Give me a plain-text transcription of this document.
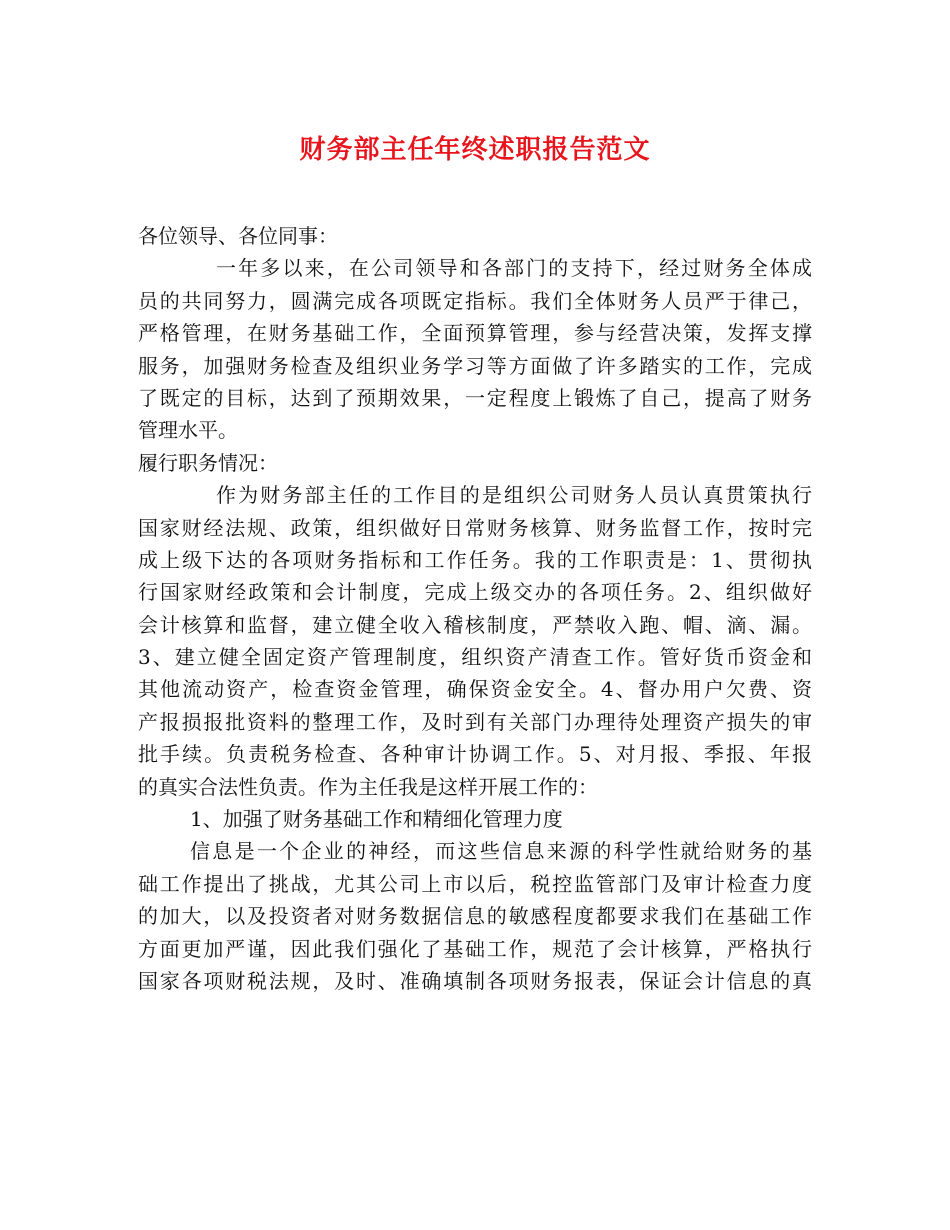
财务部主任年终述职报告范文
各位领导、各位同事：
一年多以来，在公司领导和各部门的支持下，经过财务全体成
员的共同努力，圆满完成各项既定指标。我们全体财务人员严于律己，
严格管理，在财务基础工作，全面预算管理，参与经营决策，发挥支撑
服务，加强财务检查及组织业务学习等方面做了许多踏实的工作，完成
了既定的目标，达到了预期效果，一定程度上锻炼了自己，提高了财务
管理水平。
履行职务情况：
作为财务部主任的工作目的是组织公司财务人员认真贯策执行
国家财经法规、政策，组织做好日常财务核算、财务监督工作，按时完
成上级下达的各项财务指标和工作任务。我的工作职责是：1、贯彻执
行国家财经政策和会计制度，完成上级交办的各项任务。2、组织做好
会计核算和监督，建立健全收入稽核制度，严禁收入跑、帽、滴、漏。
3、建立健全固定资产管理制度，组织资产清查工作。管好货币资金和
其他流动资产，检查资金管理，确保资金安全。4、督办用户欠费、资
产报损报批资料的整理工作，及时到有关部门办理待处理资产损失的审
批手续。负责税务检查、各种审计协调工作。5、对月报、季报、年报
的真实合法性负责。作为主任我是这样开展工作的：
1、加强了财务基础工作和精细化管理力度
信息是一个企业的神经，而这些信息来源的科学性就给财务的基
础工作提出了挑战，尤其公司上市以后，税控监管部门及审计检查力度
的加大，以及投资者对财务数据信息的敏感程度都要求我们在基础工作
方面更加严谨，因此我们强化了基础工作，规范了会计核算，严格执行
国家各项财税法规，及时、准确填制各项财务报表，保证会计信息的真
